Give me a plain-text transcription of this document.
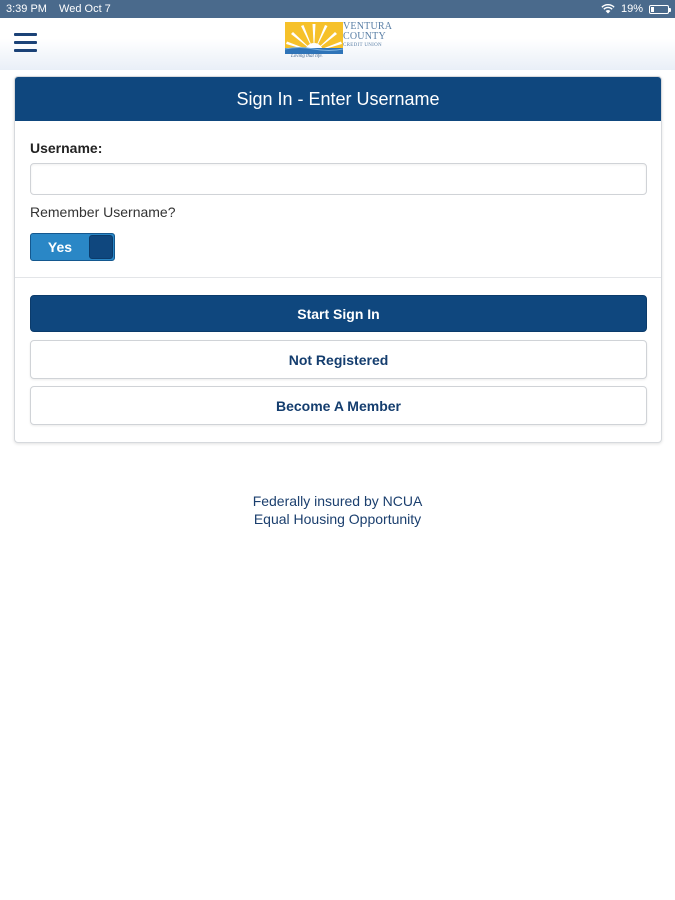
3:39 PM Wed Oct 7	19%
VENTURA
COUNTY
CREDIT UNION
Loving that life.
Sign In - Enter Username
Username:
Remember Username?
Yes
Start Sign In
Not Registered
Become A Member
Federally insured by NCUA
Equal Housing Opportunity
